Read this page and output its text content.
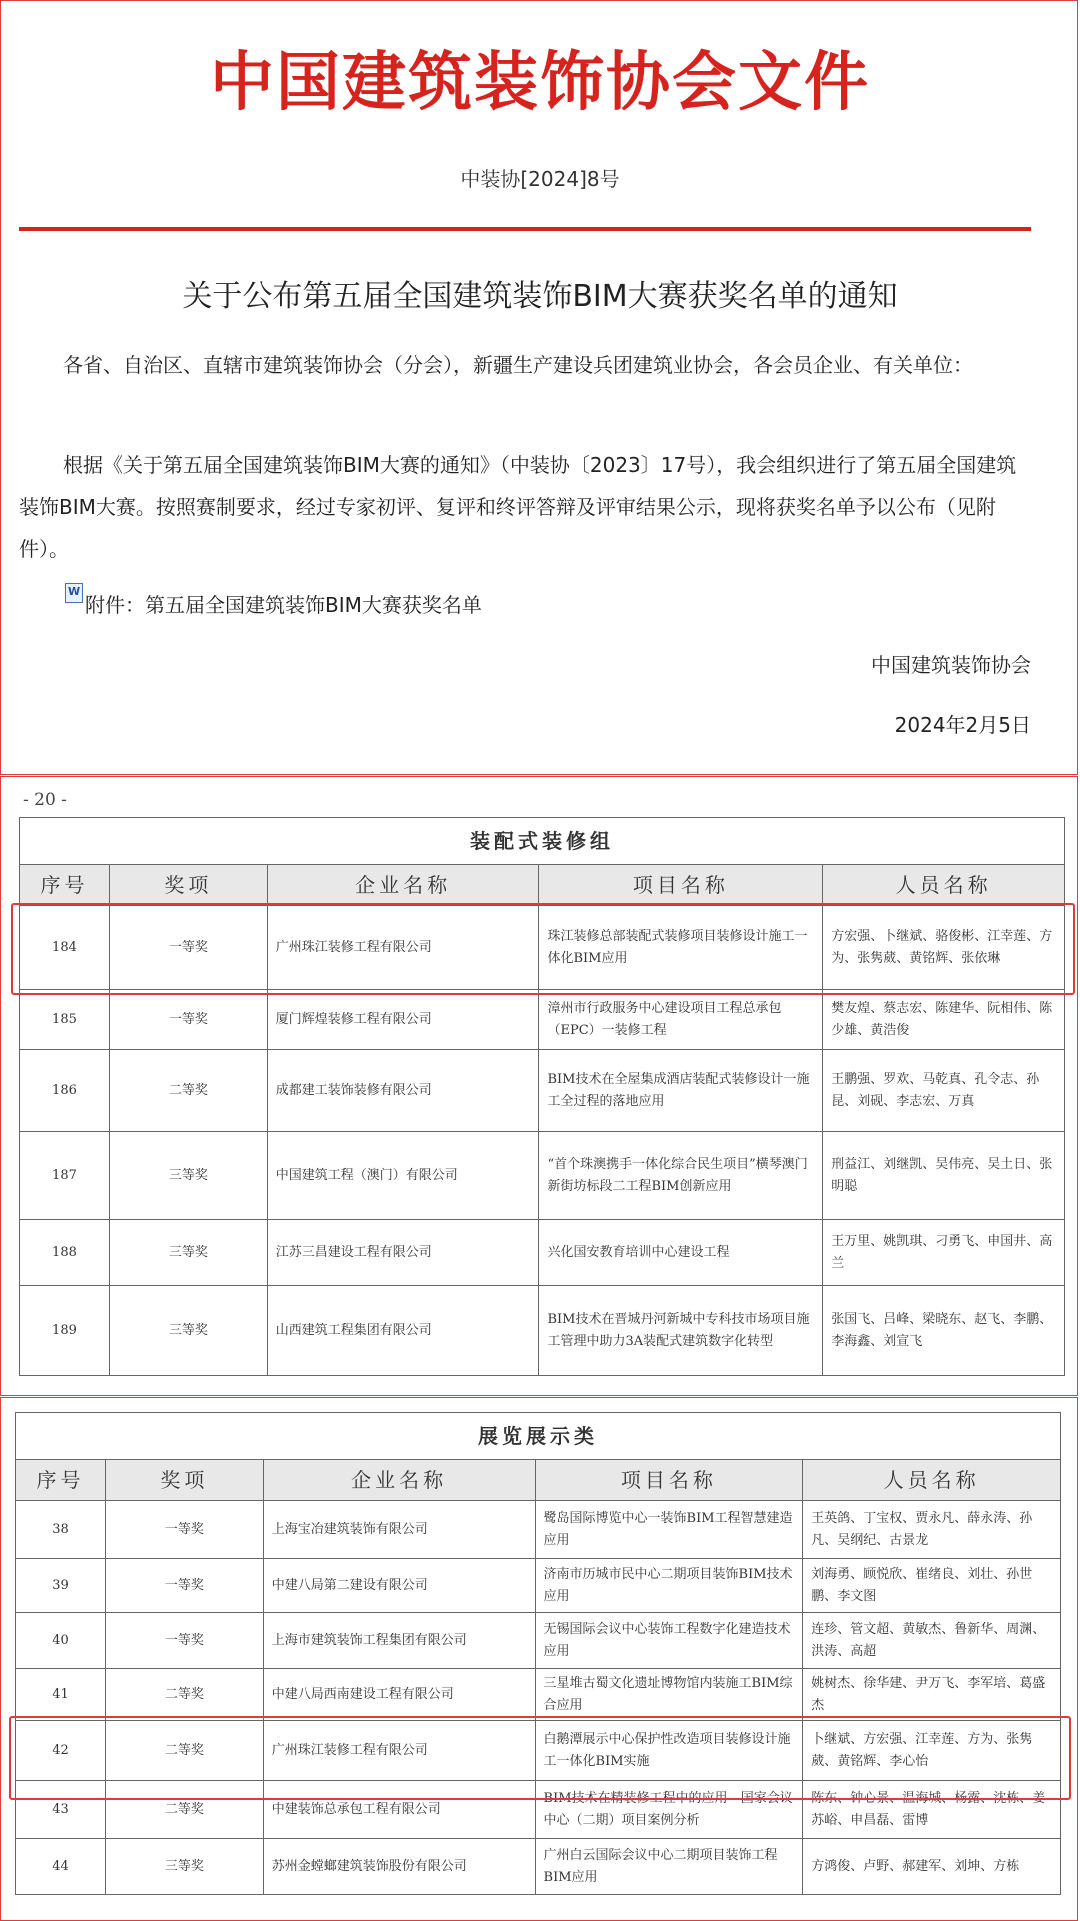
中国建筑装饰协会文件
中装协[2024]8号
关于公布第五届全国建筑装饰BIM大赛获奖名单的通知
各省、自治区、直辖市建筑装饰协会（分会），新疆生产建设兵团建筑业协会，各会员企业、有关单位：
根据《关于第五届全国建筑装饰BIM大赛的通知》（中装协〔2023〕17号），我会组织进行了第五届全国建筑装饰BIM大赛。按照赛制要求，经过专家初评、复评和终评答辩及评审结果公示，现将获奖名单予以公布（见附件）。
W
附件：第五届全国建筑装饰BIM大赛获奖名单
中国建筑装饰协会
2024年2月5日
- 20 -
装配式装修组				
序号	奖项	企业名称	项目名称	人员名称
184	一等奖	广州珠江装修工程有限公司	珠江装修总部装配式装修项目装修设计施工一体化BIM应用	方宏强、卜继斌、骆俊彬、江幸莲、方为、张隽葳、黄铭辉、张依琳
185	一等奖	厦门辉煌装修工程有限公司	漳州市行政服务中心建设项目工程总承包（EPC）一装修工程	樊友煌、蔡志宏、陈建华、阮相伟、陈少雄、黄浩俊
186	二等奖	成都建工装饰装修有限公司	BIM技术在全屋集成酒店装配式装修设计一施工全过程的落地应用	王鹏强、罗欢、马乾真、孔令志、孙昆、刘砚、李志宏、万真
187	三等奖	中国建筑工程（澳门）有限公司	“首个珠澳携手一体化综合民生项目”横琴澳门新街坊标段二工程BIM创新应用	刑益江、刘继凯、吴伟亮、吴土日、张明聪
188	三等奖	江苏三昌建设工程有限公司	兴化国安教育培训中心建设工程	王万里、姚凯琪、刁勇飞、申国井、高兰
189	三等奖	山西建筑工程集团有限公司	BIM技术在晋城丹河新城中专科技市场项目施工管理中助力3A装配式建筑数字化转型	张国飞、吕峰、梁晓东、赵飞、李鹏、李海鑫、刘宣飞
展览展示类				
序号	奖项	企业名称	项目名称	人员名称
38	一等奖	上海宝冶建筑装饰有限公司	鹭岛国际博览中心一装饰BIM工程智慧建造应用	王英鸽、丁宝权、贾永凡、薛永涛、孙凡、吴纲纪、古景龙
39	一等奖	中建八局第二建设有限公司	济南市历城市民中心二期项目装饰BIM技术应用	刘海勇、顾悦欣、崔绪良、刘壮、孙世鹏、李文图
40	一等奖	上海市建筑装饰工程集团有限公司	无锡国际会议中心装饰工程数字化建造技术应用	连珍、管文超、黄敏杰、鲁新华、周渊、洪涛、高超
41	二等奖	中建八局西南建设工程有限公司	三星堆古蜀文化遗址博物馆内装施工BIM综合应用	姚树杰、徐华建、尹万飞、李军培、葛盛杰
42	二等奖	广州珠江装修工程有限公司	白鹅潭展示中心保护性改造项目装修设计施工一体化BIM实施	卜继斌、方宏强、江幸莲、方为、张隽葳、黄铭辉、李心怡
43	二等奖	中建装饰总承包工程有限公司	BIM技术在精装修工程中的应用---国家会议中心（二期）项目案例分析	陈东、钟心景、温海城、杨露、沈栋、姜苏峪、申昌磊、雷博
44	三等奖	苏州金螳螂建筑装饰股份有限公司	广州白云国际会议中心二期项目装饰工程BIM应用	方鸿俊、卢野、郝建军、刘坤、方栋
